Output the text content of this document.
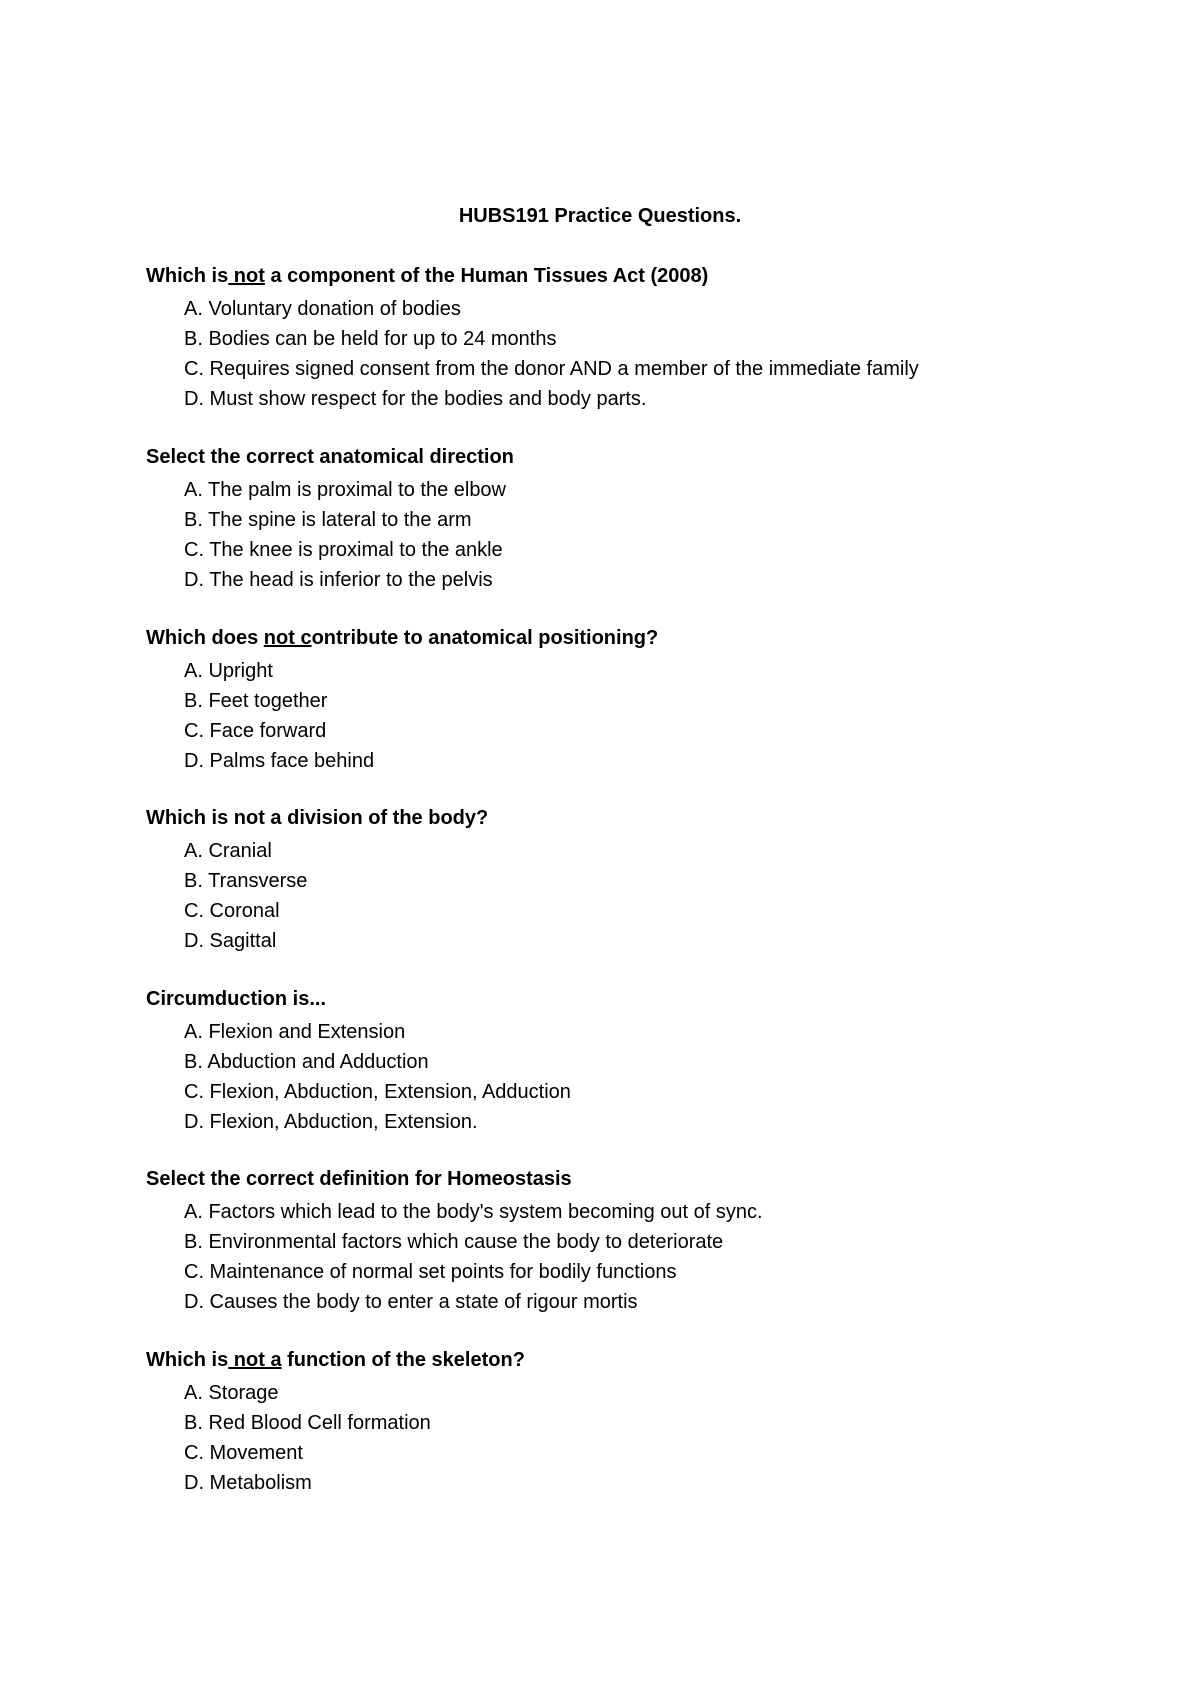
HUBS191 Practice Questions.

Which is not a component of the Human Tissues Act (2008)

A. Voluntary donation of bodies
B. Bodies can be held for up to 24 months
C. Requires signed consent from the donor AND a member of the immediate family
D. Must show respect for the bodies and body parts.

Select the correct anatomical direction

A. The palm is proximal to the elbow
B. The spine is lateral to the arm
C. The knee is proximal to the ankle
D. The head is inferior to the pelvis

Which does not contribute to anatomical positioning?

A. Upright
B. Feet together
C. Face forward
D. Palms face behind

Which is not a division of the body?

A. Cranial
B. Transverse
C. Coronal
D. Sagittal

Circumduction is...

A. Flexion and Extension
B. Abduction and Adduction
C. Flexion, Abduction, Extension, Adduction
D. Flexion, Abduction, Extension.

Select the correct definition for Homeostasis

A. Factors which lead to the body's system becoming out of sync.
B. Environmental factors which cause the body to deteriorate
C. Maintenance of normal set points for bodily functions
D. Causes the body to enter a state of rigour mortis

Which is not a function of the skeleton?

A. Storage
B. Red Blood Cell formation
C. Movement
D. Metabolism
